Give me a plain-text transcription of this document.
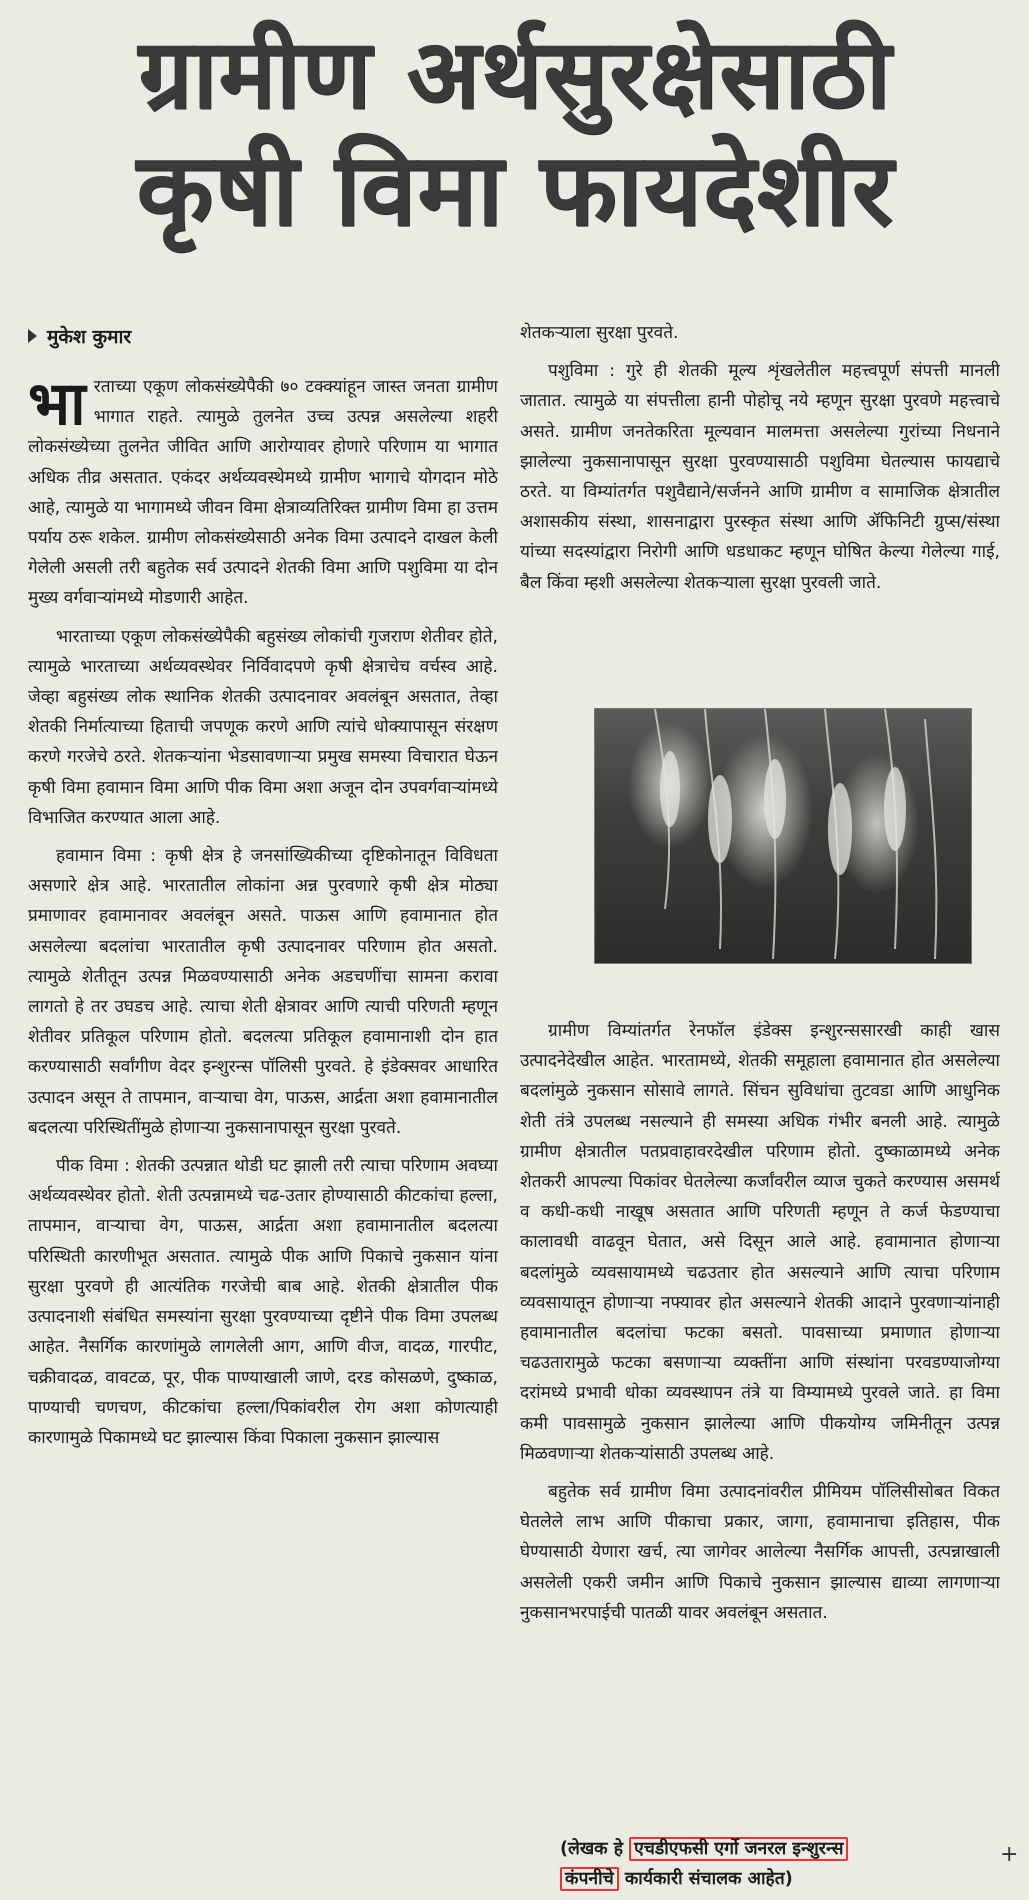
ग्रामीण अर्थसुरक्षेसाठी
कृषी विमा फायदेशीर
मुकेश कुमार

भारताच्या एकूण लोकसंख्येपैकी ७० टक्क्यांहून जास्त जनता ग्रामीण भागात राहते. त्यामुळे तुलनेत उच्च उत्पन्न असलेल्या शहरी लोकसंख्येच्या तुलनेत जीवित आणि आरोग्यावर होणारे परिणाम या भागात अधिक तीव्र असतात. एकंदर अर्थव्यवस्थेमध्ये ग्रामीण भागाचे योगदान मोठे आहे, त्यामुळे या भागामध्ये जीवन विमा क्षेत्राव्यतिरिक्त ग्रामीण विमा हा उत्तम पर्याय ठरू शकेल. ग्रामीण लोकसंख्येसाठी अनेक विमा उत्पादने दाखल केली गेलेली असली तरी बहुतेक सर्व उत्पादने शेतकी विमा आणि पशुविमा या दोन मुख्य वर्गवाऱ्यांमध्ये मोडणारी आहेत.

भारताच्या एकूण लोकसंख्येपैकी बहुसंख्य लोकांची गुजराण शेतीवर होते, त्यामुळे भारताच्या अर्थव्यवस्थेवर निर्विवादपणे कृषी क्षेत्राचेच वर्चस्व आहे. जेव्हा बहुसंख्य लोक स्थानिक शेतकी उत्पादनावर अवलंबून असतात, तेव्हा शेतकी निर्मात्याच्या हिताची जपणूक करणे आणि त्यांचे धोक्यापासून संरक्षण करणे गरजेचे ठरते. शेतकऱ्यांना भेडसावणाऱ्या प्रमुख समस्या विचारात घेऊन कृषी विमा हवामान विमा आणि पीक विमा अशा अजून दोन उपवर्गवाऱ्यांमध्ये विभाजित करण्यात आला आहे.

हवामान विमा : कृषी क्षेत्र हे जनसांख्यिकीच्या दृष्टिकोनातून विविधता असणारे क्षेत्र आहे. भारतातील लोकांना अन्न पुरवणारे कृषी क्षेत्र मोठ्या प्रमाणावर हवामानावर अवलंबून असते. पाऊस आणि हवामानात होत असलेल्या बदलांचा भारतातील कृषी उत्पादनावर परिणाम होत असतो. त्यामुळे शेतीतून उत्पन्न मिळवण्यासाठी अनेक अडचणींचा सामना करावा लागतो हे तर उघडच आहे. त्याचा शेती क्षेत्रावर आणि त्याची परिणती म्हणून शेतीवर प्रतिकूल परिणाम होतो. बदलत्या प्रतिकूल हवामानाशी दोन हात करण्यासाठी सर्वांगीण वेदर इन्शुरन्स पॉलिसी पुरवते. हे इंडेक्सवर आधारित उत्पादन असून ते तापमान, वाऱ्याचा वेग, पाऊस, आर्द्रता अशा हवामानातील बदलत्या परिस्थितींमुळे होणाऱ्या नुकसानापासून सुरक्षा पुरवते.

पीक विमा : शेतकी उत्पन्नात थोडी घट झाली तरी त्याचा परिणाम अवघ्या अर्थव्यवस्थेवर होतो. शेती उत्पन्नामध्ये चढ-उतार होण्यासाठी कीटकांचा हल्ला, तापमान, वाऱ्याचा वेग, पाऊस, आर्द्रता अशा हवामानातील बदलत्या परिस्थिती कारणीभूत असतात. त्यामुळे पीक आणि पिकाचे नुकसान यांना सुरक्षा पुरवणे ही आत्यंतिक गरजेची बाब आहे. शेतकी क्षेत्रातील पीक उत्पादनाशी संबंधित समस्यांना सुरक्षा पुरवण्याच्या दृष्टीने पीक विमा उपलब्ध आहेत. नैसर्गिक कारणांमुळे लागलेली आग, आणि वीज, वादळ, गारपीट, चक्रीवादळ, वावटळ, पूर, पीक पाण्याखाली जाणे, दरड कोसळणे, दुष्काळ, पाण्याची चणचण, कीटकांचा हल्ला/पिकांवरील रोग अशा कोणत्याही कारणामुळे पिकामध्ये घट झाल्यास किंवा पिकाला नुकसान झाल्यास

शेतकऱ्याला सुरक्षा पुरवते.

पशुविमा : गुरे ही शेतकी मूल्य शृंखलेतील महत्त्वपूर्ण संपत्ती मानली जातात. त्यामुळे या संपत्तीला हानी पोहोचू नये म्हणून सुरक्षा पुरवणे महत्त्वाचे असते. ग्रामीण जनतेकरिता मूल्यवान मालमत्ता असलेल्या गुरांच्या निधनाने झालेल्या नुकसानापासून सुरक्षा पुरवण्यासाठी पशुविमा घेतल्यास फायद्याचे ठरते. या विम्यांतर्गत पशुवैद्याने/सर्जनने आणि ग्रामीण व सामाजिक क्षेत्रातील अशासकीय संस्था, शासनाद्वारा पुरस्कृत संस्था आणि ॲफिनिटी ग्रुप्स/संस्था यांच्या सदस्यांद्वारा निरोगी आणि धडधाकट म्हणून घोषित केल्या गेलेल्या गाई, बैल किंवा म्हशी असलेल्या शेतकऱ्याला सुरक्षा पुरवली जाते.

ग्रामीण विम्यांतर्गत रेनफॉल इंडेक्स इन्शुरन्ससारखी काही खास उत्पादनेदेखील आहेत. भारतामध्ये, शेतकी समूहाला हवामानात होत असलेल्या बदलांमुळे नुकसान सोसावे लागते. सिंचन सुविधांचा तुटवडा आणि आधुनिक शेती तंत्रे उपलब्ध नसल्याने ही समस्या अधिक गंभीर बनली आहे. त्यामुळे ग्रामीण क्षेत्रातील पतप्रवाहावरदेखील परिणाम होतो. दुष्काळामध्ये अनेक शेतकरी आपल्या पिकांवर घेतलेल्या कर्जांवरील व्याज चुकते करण्यास असमर्थ व कधी-कधी नाखूष असतात आणि परिणती म्हणून ते कर्ज फेडण्याचा कालावधी वाढवून घेतात, असे दिसून आले आहे. हवामानात होणाऱ्या बदलांमुळे व्यवसायामध्ये चढउतार होत असल्याने आणि त्याचा परिणाम व्यवसायातून होणाऱ्या नफ्यावर होत असल्याने शेतकी आदाने पुरवणाऱ्यांनाही हवामानातील बदलांचा फटका बसतो. पावसाच्या प्रमाणात होणाऱ्या चढउतारामुळे फटका बसणाऱ्या व्यक्तींना आणि संस्थांना परवडण्याजोग्या दरांमध्ये प्रभावी धोका व्यवस्थापन तंत्रे या विम्यामध्ये पुरवले जाते. हा विमा कमी पावसामुळे नुकसान झालेल्या आणि पीकयोग्य जमिनीतून उत्पन्न मिळवणाऱ्या शेतकऱ्यांसाठी उपलब्ध आहे.

बहुतेक सर्व ग्रामीण विमा उत्पादनांवरील प्रीमियम पॉलिसीसोबत विकत घेतलेले लाभ आणि पीकाचा प्रकार, जागा, हवामानाचा इतिहास, पीक घेण्यासाठी येणारा खर्च, त्या जागेवर आलेल्या नैसर्गिक आपत्ती, उत्पन्नाखाली असलेली एकरी जमीन आणि पिकाचे नुकसान झाल्यास द्याव्या लागणाऱ्या नुकसानभरपाईची पातळी यावर अवलंबून असतात.

(लेखक हे एचडीएफसी एर्गो जनरल इन्शुरन्स
कंपनीचे कार्यकारी संचालक आहेत)
+
